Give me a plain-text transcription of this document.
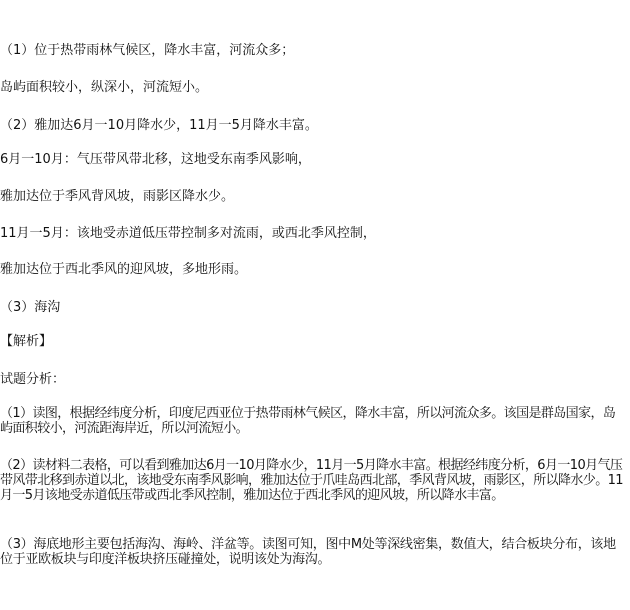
（1）位于热带雨林气候区，降水丰富，河流众多；
岛屿面积较小，纵深小，河流短小。
（2）雅加达6月一10月降水少，11月一5月降水丰富。
6月一10月：气压带风带北移，这地受东南季风影响，
雅加达位于季风背风坡，雨影区降水少。
11月一5月：该地受赤道低压带控制多对流雨，或西北季风控制，
雅加达位于西北季风的迎风坡，多地形雨。
（3）海沟
【解析】
试题分析：
（1）读图，根据经纬度分析，印度尼西亚位于热带雨林气候区，降水丰富，所以河流众多。该国是群岛国家，岛屿面积较小，河流距海岸近，所以河流短小。
（2）读材料二表格，可以看到雅加达6月一10月降水少，11月一5月降水丰富。根据经纬度分析，6月一10月气压带风带北移到赤道以北，该地受东南季风影响，雅加达位于爪哇岛西北部，季风背风坡，雨影区，所以降水少。11月一5月该地受赤道低压带或西北季风控制，雅加达位于西北季风的迎风坡，所以降水丰富。
（3）海底地形主要包括海沟、海岭、洋盆等。读图可知，图中M处等深线密集，数值大，结合板块分布，该地位于亚欧板块与印度洋板块挤压碰撞处，说明该处为海沟。
